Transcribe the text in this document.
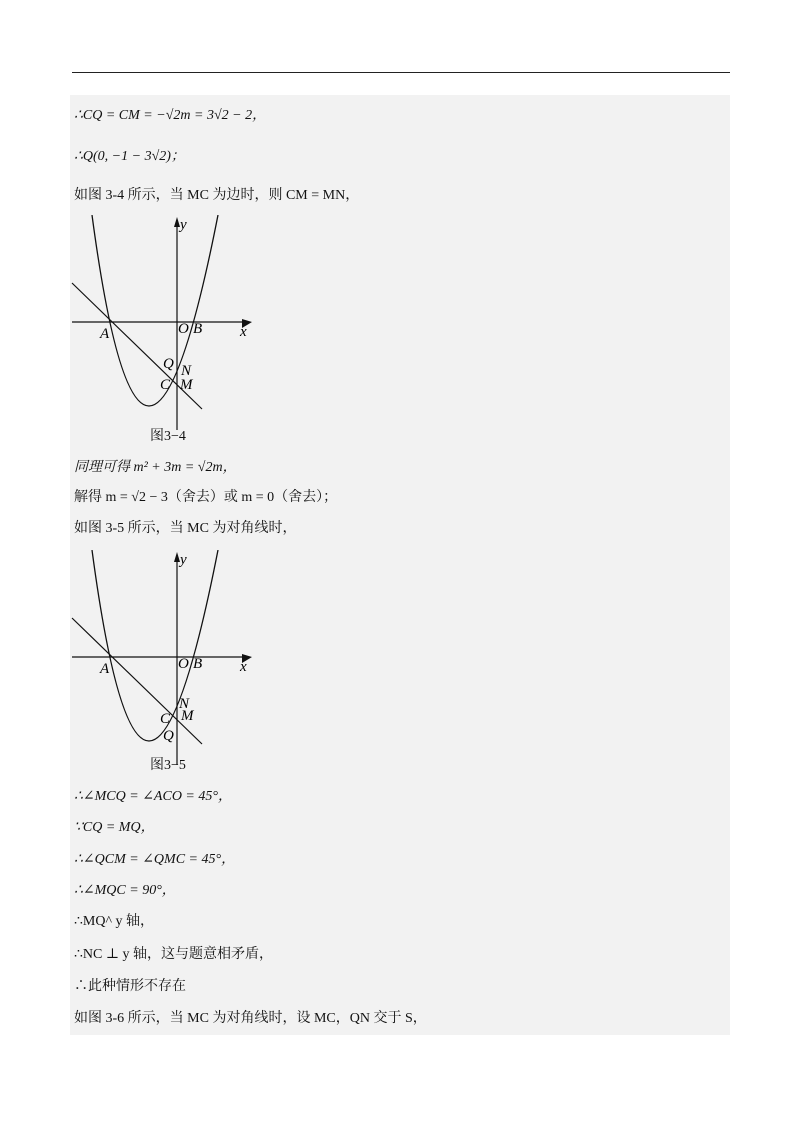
∴CQ = CM = −√2m = 3√2 − 2，
∴Q(0, −1 − 3√2)；
如图 3-4 所示，当 MC 为边时，则 CM = MN，
y
x
A	O B
Q N
C M
图3−4
同理可得 m² + 3m = √2m，
解得 m = √2 − 3（舍去）或 m = 0（舍去）；
如图 3-5 所示，当 MC 为对角线时，
y
x
A	O B
N
C M
Q
图3−5
∴∠MCQ = ∠ACO = 45°，
∵CQ = MQ，
∴∠QCM = ∠QMC = 45°，
∴∠MQC = 90°，
∴MQ^ y 轴，
∴NC ⊥ y 轴，这与题意相矛盾，
∴此种情形不存在
如图 3-6 所示，当 MC 为对角线时，设 MC，QN 交于 S，
